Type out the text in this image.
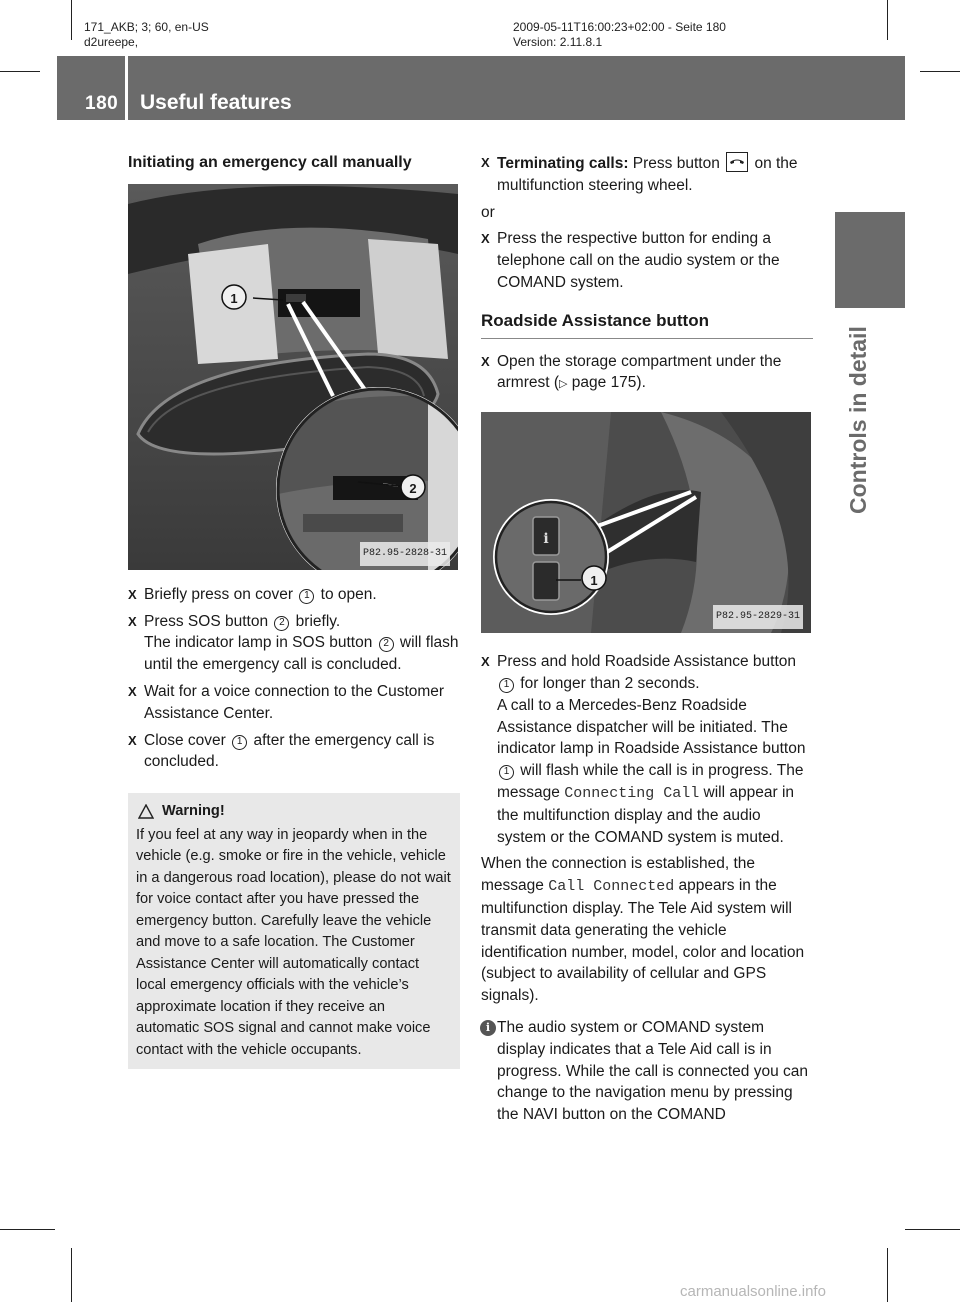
171_AKB; 3; 60, en-US
d2ureepe,
2009-05-11T16:00:23+02:00 - Seite 180
Version: 2.11.8.1
180 Useful features
Controls in detail
Initiating an emergency call manually
1
2
P82.95-2828-31
X Briefly press on cover 1 to open.
X Press SOS button 2 briefly.
The indicator lamp in SOS button 2 will flash until the emergency call is concluded.
X Wait for a voice connection to the Customer Assistance Center.
X Close cover 1 after the emergency call is concluded.
Warning!
If you feel at any way in jeopardy when in the vehicle (e.g. smoke or fire in the vehicle, vehicle in a dangerous road location), please do not wait for voice contact after you have pressed the emergency button. Carefully leave the vehicle and move to a safe location. The Customer Assistance Center will automatically contact local emergency officials with the vehicle’s approximate location if they receive an automatic SOS signal and cannot make voice contact with the vehicle occupants.
X Terminating calls: Press button
on the multifunction steering wheel.
or
X Press the respective button for ending a telephone call on the audio system or the COMAND system.
Roadside Assistance button
X Open the storage compartment under the armrest (▷ page 175).
i
1
P82.95-2829-31
X Press and hold Roadside Assistance button 1 for longer than 2 seconds.
A call to a Mercedes-Benz Roadside Assistance dispatcher will be initiated. The indicator lamp in Roadside Assistance button 1 will flash while the call is in progress. The message Connecting Call will appear in the multifunction display and the audio system or the COMAND system is muted.
When the connection is established, the message Call Connected appears in the multifunction display. The Tele Aid system will transmit data generating the vehicle identification number, model, color and location (subject to availability of cellular and GPS signals).
i The audio system or COMAND system display indicates that a Tele Aid call is in progress. While the call is connected you can change to the navigation menu by pressing the NAVI button on the COMAND
carmanualsonline.info
